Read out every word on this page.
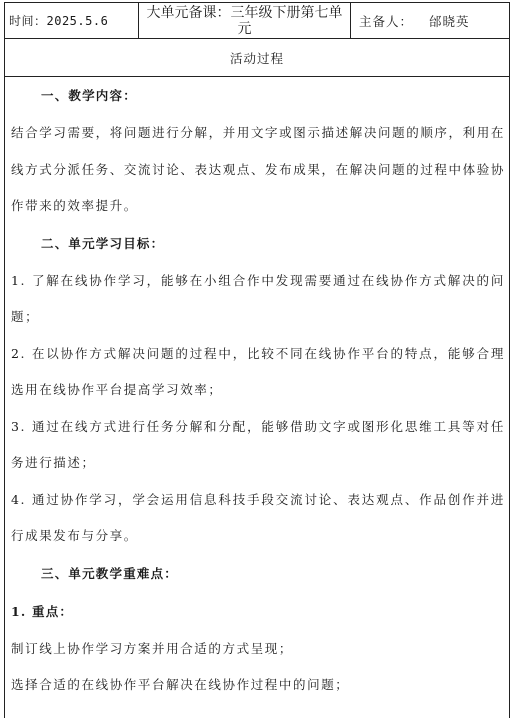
时间：2025.5.6
大单元备课：三年级下册第七单元	主备人： 邰晓英
活动过程
一、教学内容：

结合学习需要，将问题进行分解，并用文字或图示描述解决问题的顺序，利用在线方式分派任务、交流讨论、表达观点、发布成果，在解决问题的过程中体验协作带来的效率提升。

二、单元学习目标：

1. 了解在线协作学习，能够在小组合作中发现需要通过在线协作方式解决的问题；

2. 在以协作方式解决问题的过程中，比较不同在线协作平台的特点，能够合理选用在线协作平台提高学习效率；

3. 通过在线方式进行任务分解和分配，能够借助文字或图形化思维工具等对任务进行描述；

4. 通过协作学习，学会运用信息科技手段交流讨论、表达观点、作品创作并进行成果发布与分享。

三、单元教学重难点：
1. 重点：

制订线上协作学习方案并用合适的方式呈现；

选择合适的在线协作平台解决在线协作过程中的问题；
